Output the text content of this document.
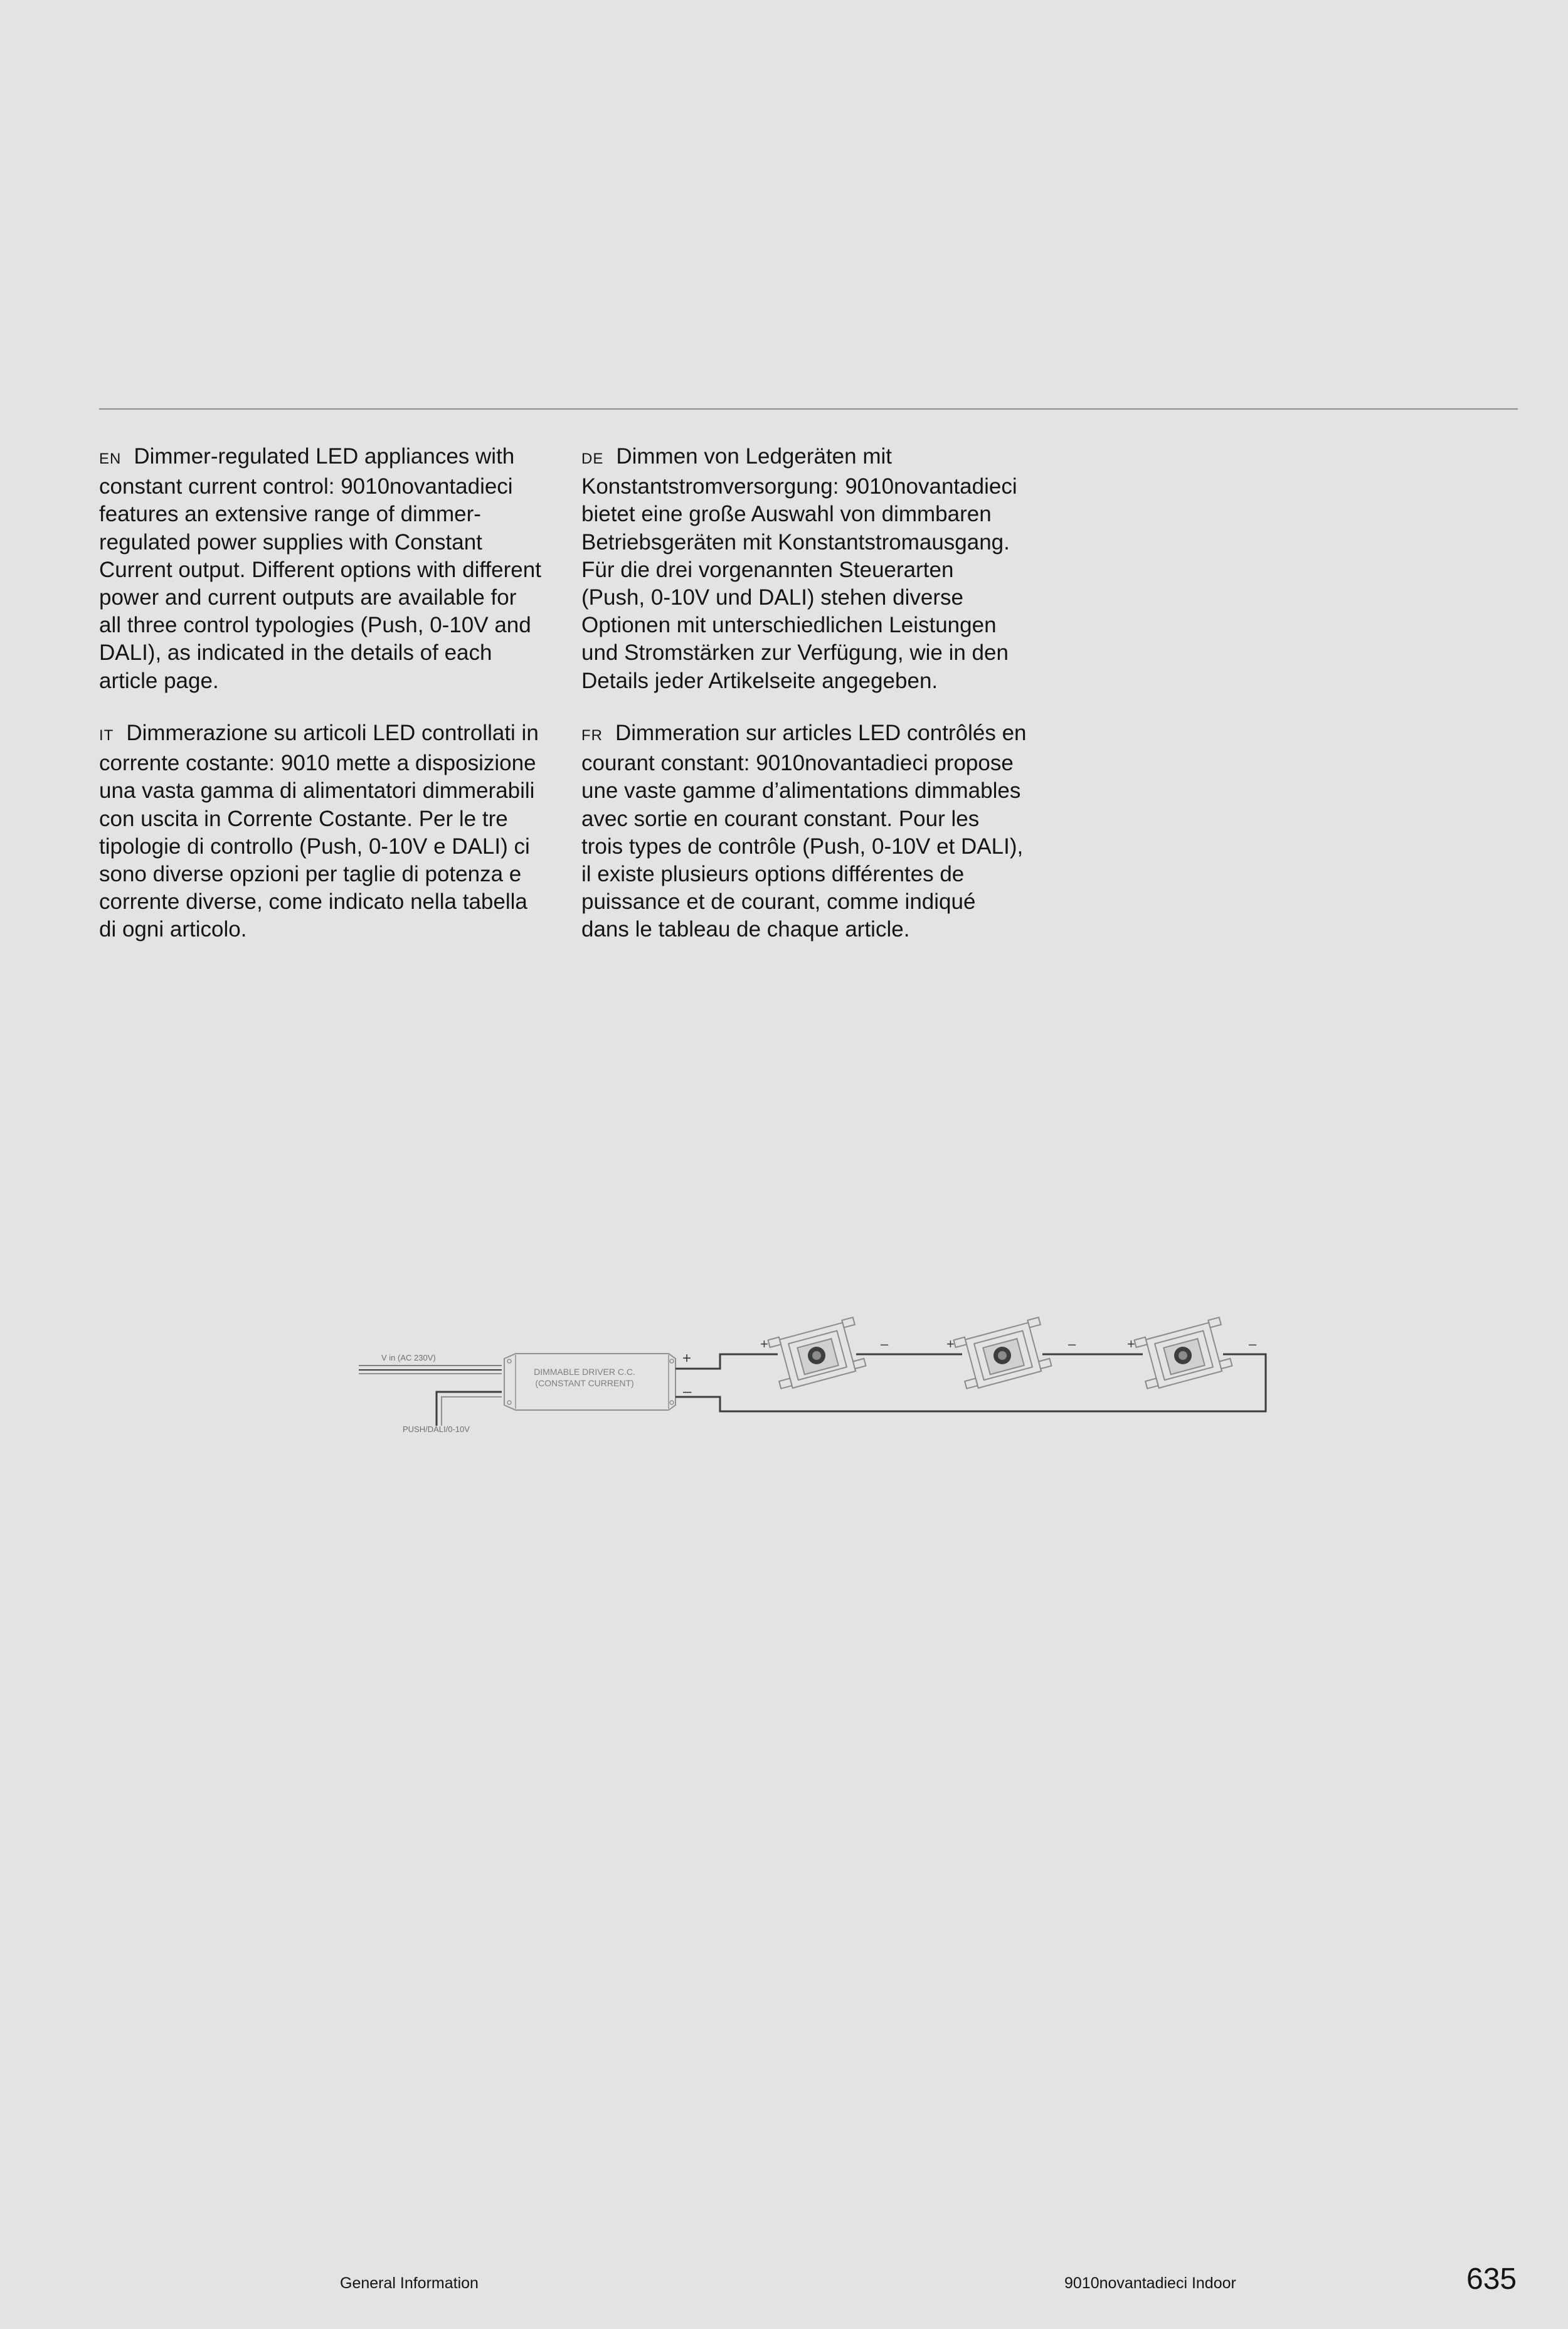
EN Dimmer-regulated LED appliances with

constant current control: 9010novantadieci

features an extensive range of dimmer-

regulated power supplies with Constant

Current output. Different options with different

power and current outputs are available for

all three control typologies (Push, 0-10V and

DALI), as indicated in the details of each

article page.

DE Dimmen von Ledgeräten mit

Konstantstromversorgung: 9010novantadieci

bietet eine große Auswahl von dimmbaren

Betriebsgeräten mit Konstantstromausgang.

Für die drei vorgenannten Steuerarten

(Push, 0-10V und DALI) stehen diverse

Optionen mit unterschiedlichen Leistungen

und Stromstärken zur Verfügung, wie in den

Details jeder Artikelseite angegeben.

IT Dimmerazione su articoli LED controllati in

corrente costante: 9010 mette a disposizione

una vasta gamma di alimentatori dimmerabili

con uscita in Corrente Costante. Per le tre

tipologie di controllo (Push, 0-10V e DALI) ci

sono diverse opzioni per taglie di potenza e

corrente diverse, come indicato nella tabella

di ogni articolo.

FR Dimmeration sur articles LED contrôlés en

courant constant: 9010novantadieci propose

une vaste gamme d’alimentations dimmables

avec sortie en courant constant. Pour les

trois types de contrôle (Push, 0-10V et DALI),

il existe plusieurs options différentes de

puissance et de courant, comme indiqué

dans le tableau de chaque article.

V in (AC 230V)
PUSH/DALI/0-10V
DIMMABLE DRIVER C.C.
(CONSTANT CURRENT)
+
–
+	–	+	–	+	–
General Information	9010novantadieci Indoor	635
